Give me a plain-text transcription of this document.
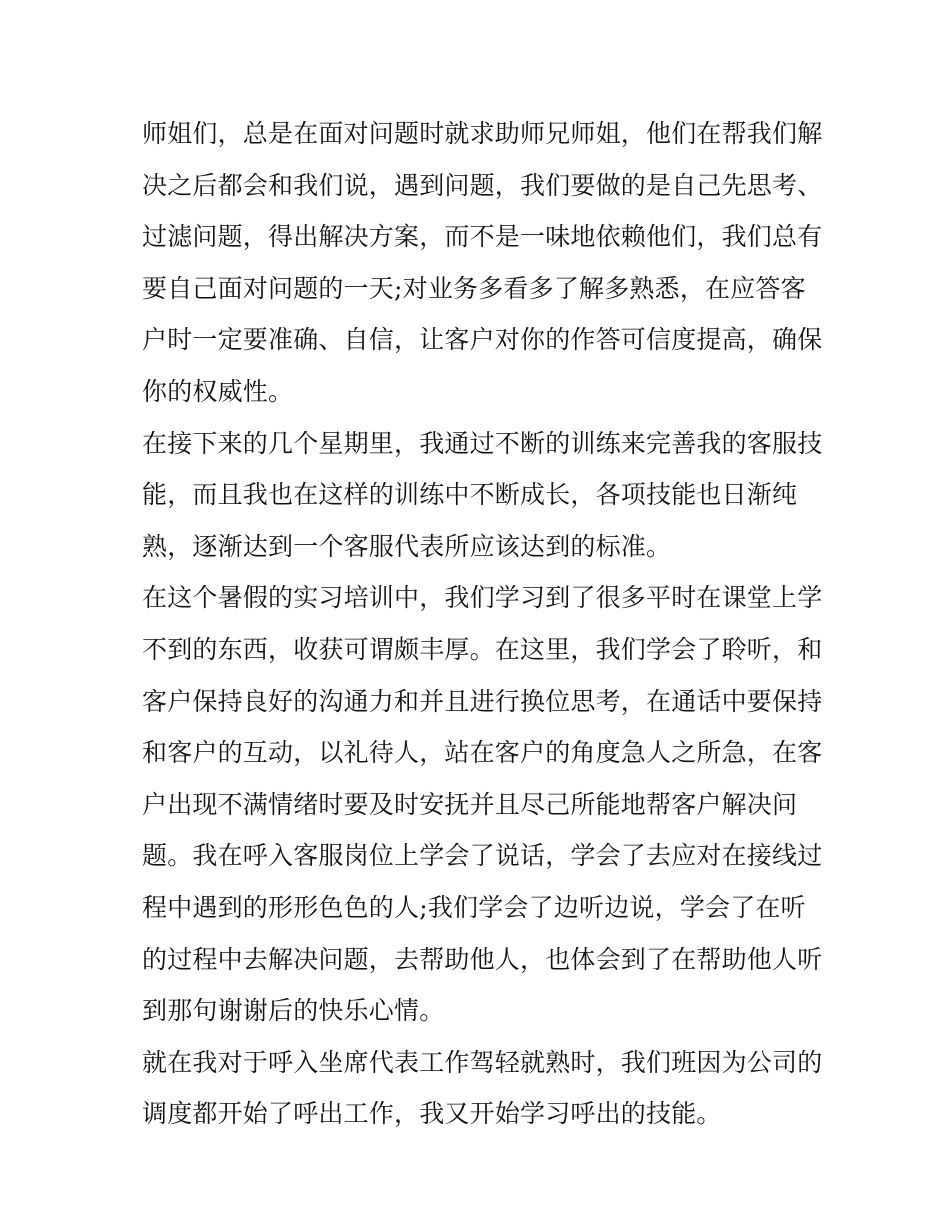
师姐们，总是在面对问题时就求助师兄师姐，他们在帮我们解
决之后都会和我们说，遇到问题，我们要做的是自己先思考、
过滤问题，得出解决方案，而不是一味地依赖他们，我们总有
要自己面对问题的一天;对业务多看多了解多熟悉，在应答客
户时一定要准确、自信，让客户对你的作答可信度提高，确保
你的权威性。
在接下来的几个星期里，我通过不断的训练来完善我的客服技
能，而且我也在这样的训练中不断成长，各项技能也日渐纯
熟，逐渐达到一个客服代表所应该达到的标准。
在这个暑假的实习培训中，我们学习到了很多平时在课堂上学
不到的东西，收获可谓颇丰厚。在这里，我们学会了聆听，和
客户保持良好的沟通力和并且进行换位思考，在通话中要保持
和客户的互动，以礼待人，站在客户的角度急人之所急，在客
户出现不满情绪时要及时安抚并且尽己所能地帮客户解决问
题。我在呼入客服岗位上学会了说话，学会了去应对在接线过
程中遇到的形形色色的人;我们学会了边听边说，学会了在听
的过程中去解决问题，去帮助他人，也体会到了在帮助他人听
到那句谢谢后的快乐心情。
就在我对于呼入坐席代表工作驾轻就熟时，我们班因为公司的
调度都开始了呼出工作，我又开始学习呼出的技能。
